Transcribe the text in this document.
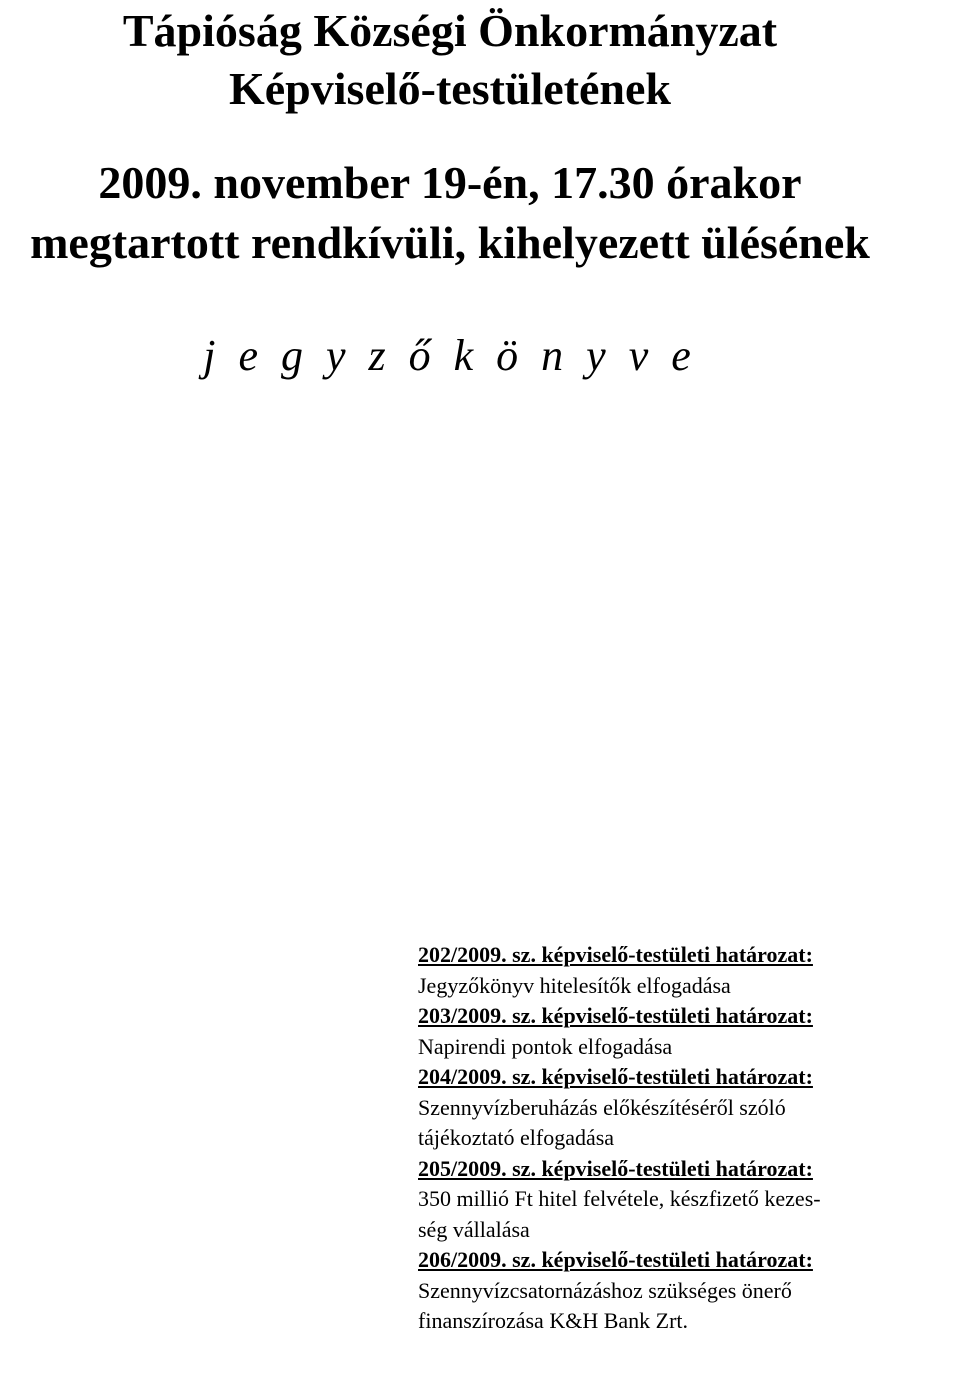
Tápióság Községi Önkormányzat
Képviselő-testületének
2009. november 19-én, 17.30 órakor
megtartott rendkívüli, kihelyezett ülésének
j e g y z ő k ö n y v e
202/2009. sz. képviselő-testületi határozat:
Jegyzőkönyv hitelesítők elfogadása
203/2009. sz. képviselő-testületi határozat:
Napirendi pontok elfogadása
204/2009. sz. képviselő-testületi határozat:
Szennyvízberuházás előkészítéséről szóló
tájékoztató elfogadása
205/2009. sz. képviselő-testületi határozat:
350 millió Ft hitel felvétele, készfizető kezes-
ség vállalása
206/2009. sz. képviselő-testületi határozat:
Szennyvízcsatornázáshoz szükséges önerő
finanszírozása K&H Bank Zrt.
